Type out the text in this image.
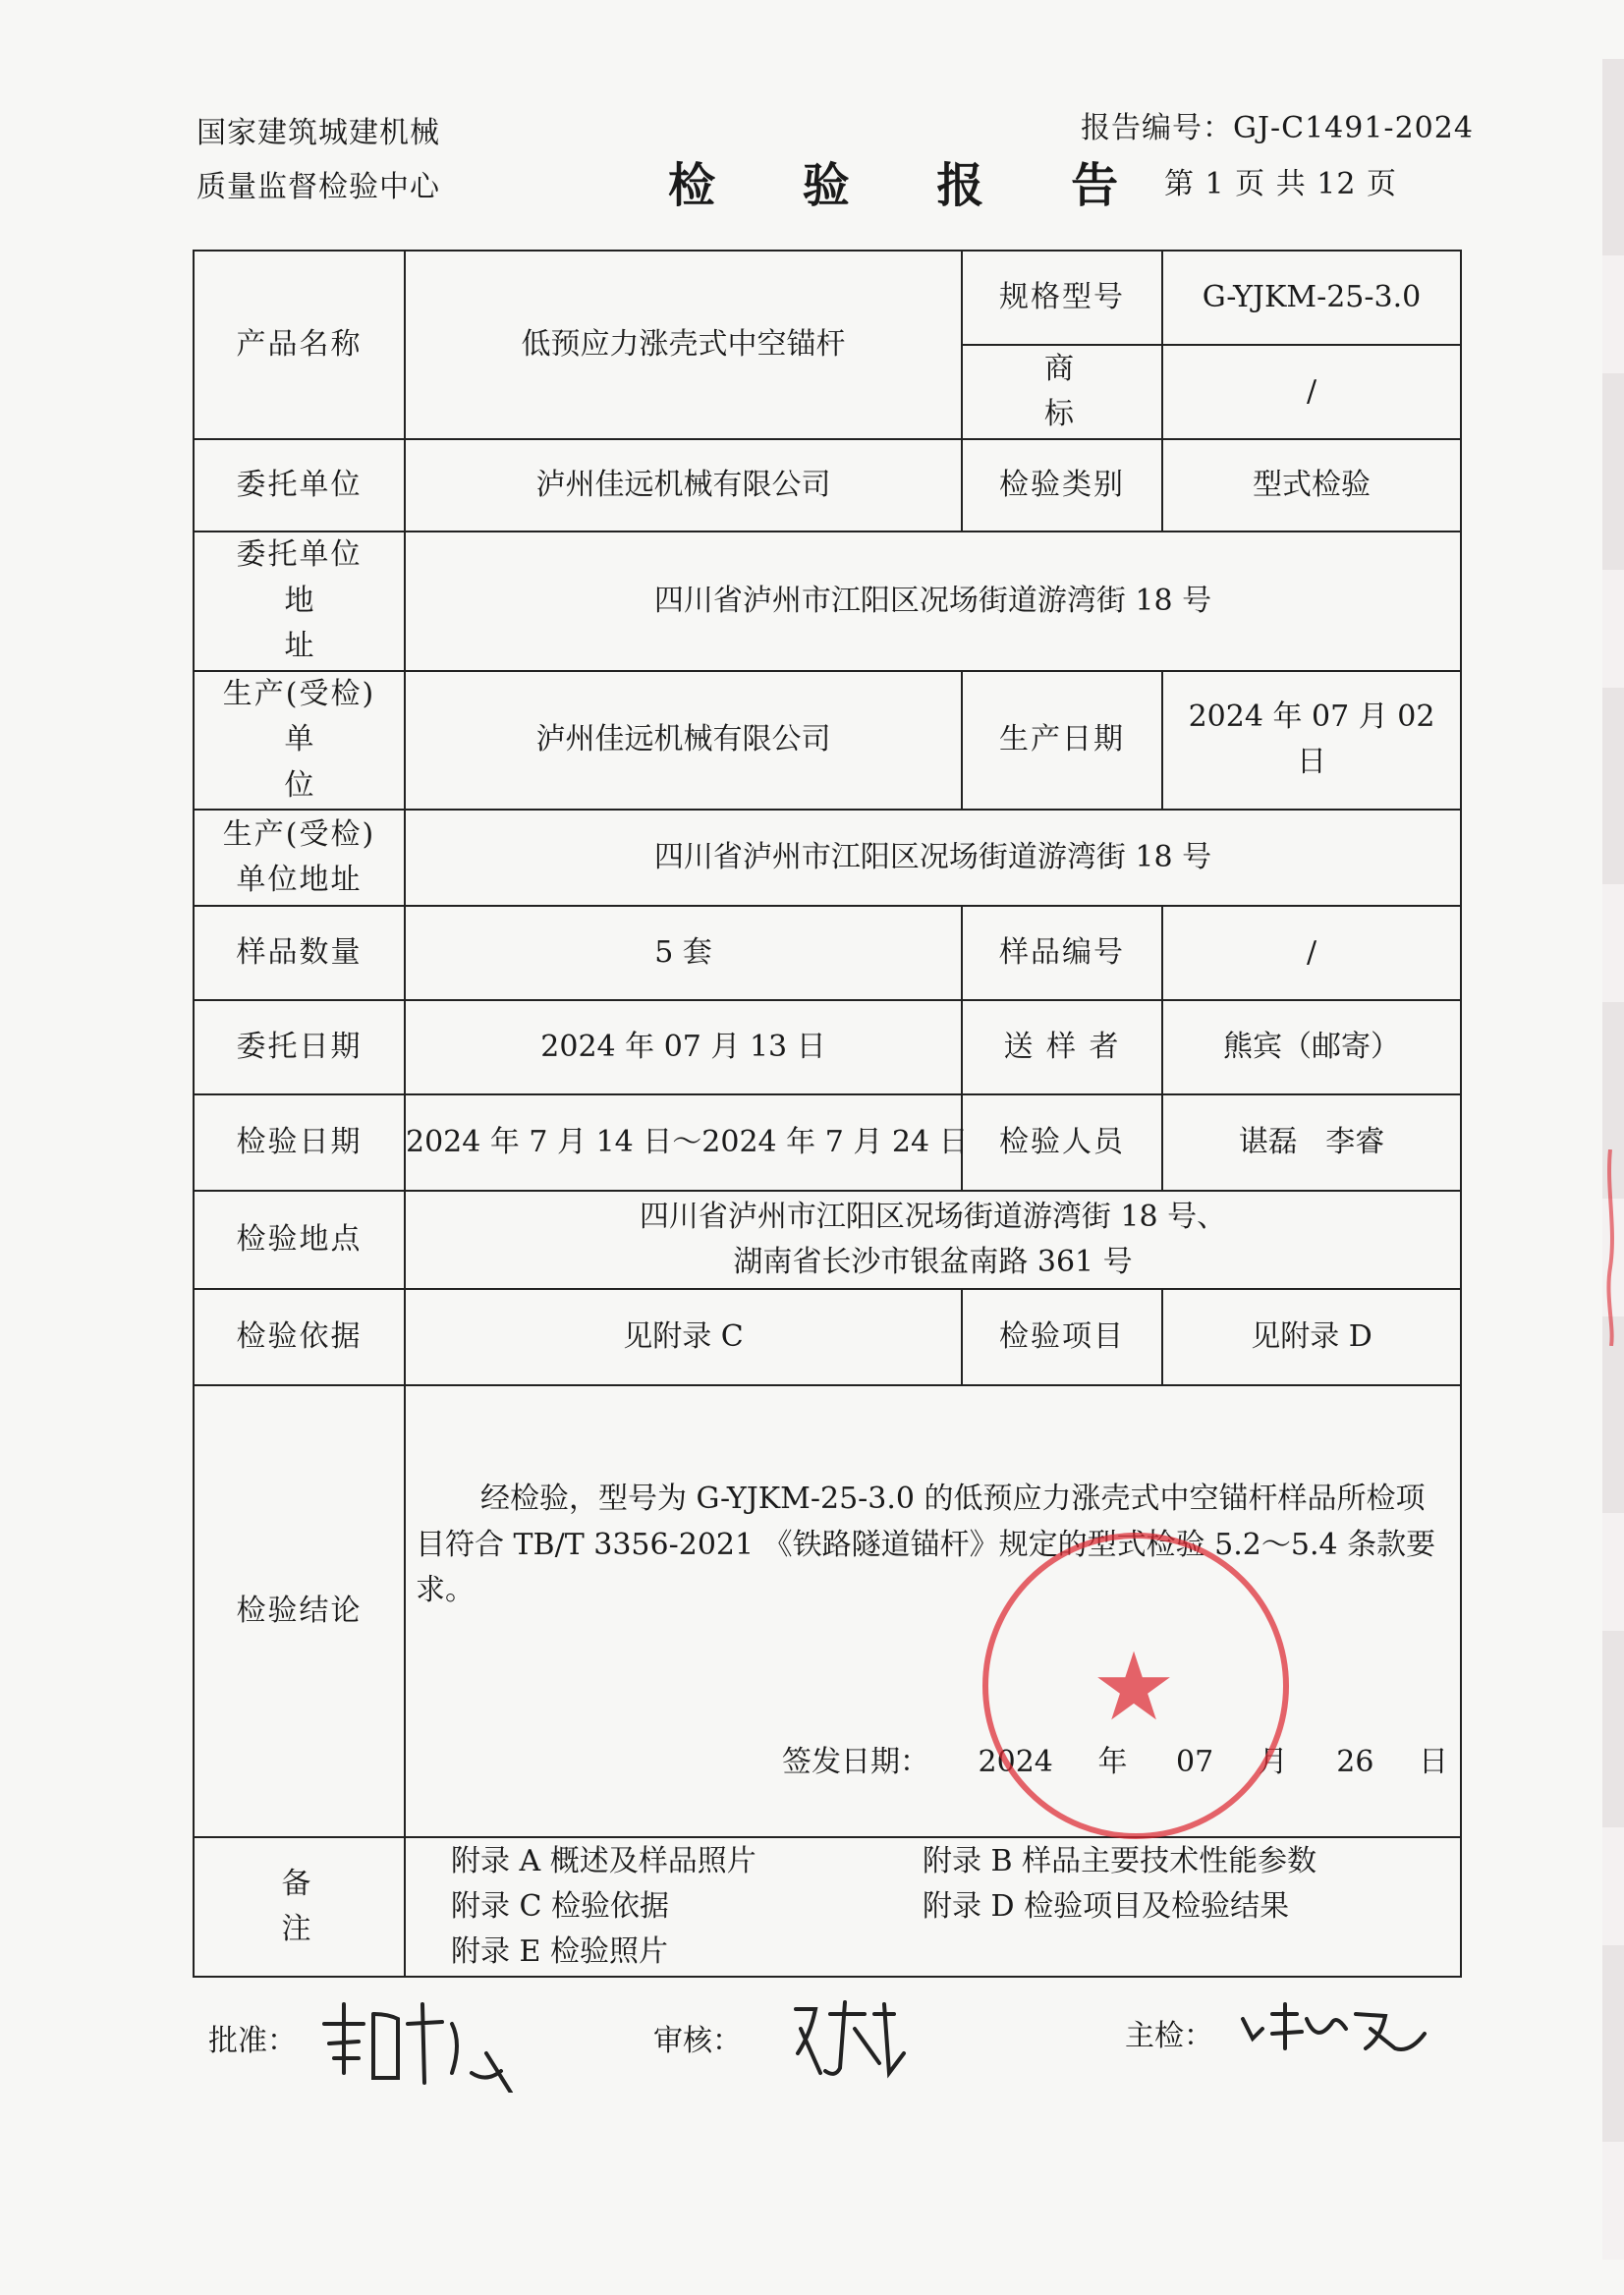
国家建筑城建机械
质量监督检验中心	检 验 报 告
报告编号：GJ-C1491-2024
第 1 页 共 12 页
产品名称	低预应力涨壳式中空锚杆	规格型号	G-YJKM-25-3.0
		商 标	/
委托单位	泸州佳远机械有限公司	检验类别	型式检验

委托单位
地 址	四川省泸州市江阳区况场街道游湾街 18 号		

生产(受检)
单 位	泸州佳远机械有限公司	生产日期	2024 年 07 月 02 日

生产(受检)
单位地址	四川省泸州市江阳区况场街道游湾街 18 号		
样品数量	5 套	样品编号	/
委托日期	2024 年 07 月 13 日	送 样 者	熊宾（邮寄）
检验日期	2024 年 7 月 14 日～2024 年 7 月 24 日	检验人员	谌磊   李睿
检验地点	四川省泸州市江阳区况场街道游湾街 18 号、
湖南省长沙市银盆南路 361 号		

检验依据	见附录 C	检验项目	见附录 D
检验结论	经检验，型号为 G-YJKM-25-3.0 的低预应力涨壳式中空锚杆样品所检项目符合 TB/T 3356-2021 《铁路隧道锚杆》规定的型式检验 5.2～5.4 条款要求。
签发日期： 2024 年 07 月 26 日		

备 注	附录 A 概述及样品照片 附录 B 样品主要技术性能参数
附录 C 检验依据 附录 D 检验项目及检验结果
附录 E 检验照片		
★
批准：	审核：	主检：
